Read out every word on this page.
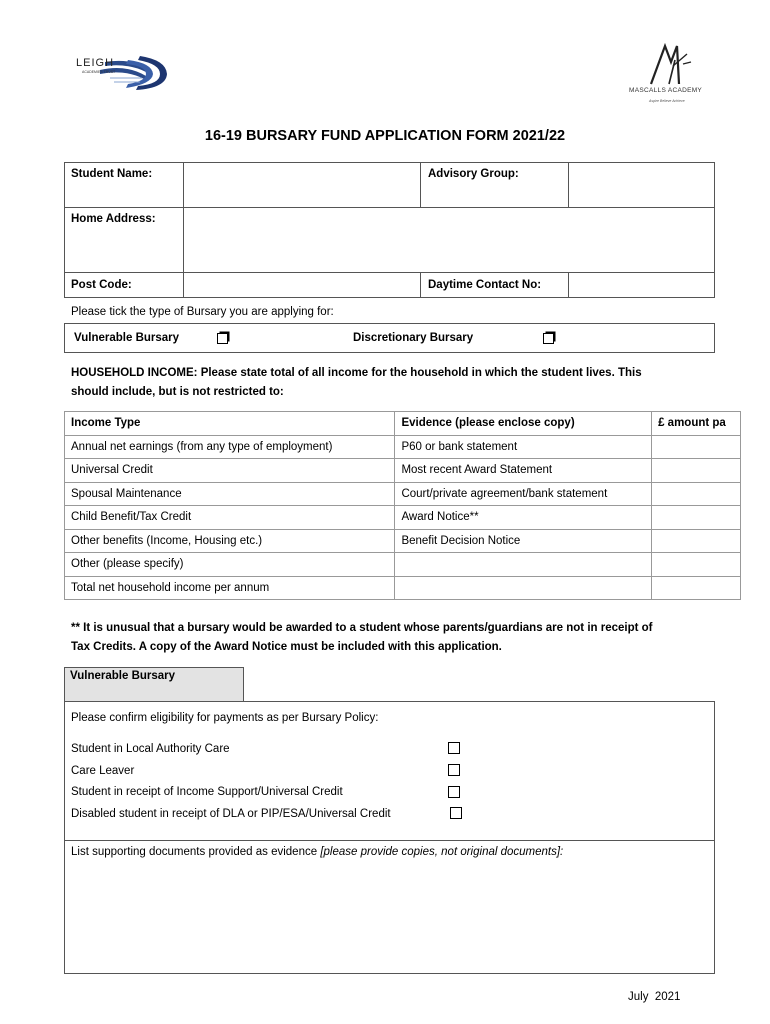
LEIGH
ACADEMIES TRUST
MASCALLS ACADEMY
Aspire Believe Achieve
16-19 BURSARY FUND APPLICATION FORM 2021/22
Student Name:	Advisory Group:
Home Address:
Post Code:	Daytime Contact No:
Please tick the type of Bursary you are applying for:
Vulnerable Bursary	Discretionary Bursary
HOUSEHOLD INCOME: Please state total of all income for the household in which the student lives. This
should include, but is not restricted to:
Income Type	Evidence (please enclose copy)	£ amount pa
Annual net earnings (from any type of employment)	P60 or bank statement	
Universal Credit	Most recent Award Statement	
Spousal Maintenance	Court/private agreement/bank statement	
Child Benefit/Tax Credit	Award Notice**	
Other benefits (Income, Housing etc.)	Benefit Decision Notice	
Other (please specify)		
Total net household income per annum		
** It is unusual that a bursary would be awarded to a student whose parents/guardians are not in receipt of
Tax Credits. A copy of the Award Notice must be included with this application.
Vulnerable Bursary
Please confirm eligibility for payments as per Bursary Policy:
Student in Local Authority Care
Care Leaver
Student in receipt of Income Support/Universal Credit
Disabled student in receipt of DLA or PIP/ESA/Universal Credit
List supporting documents provided as evidence [please provide copies, not original documents]:
July  2021
